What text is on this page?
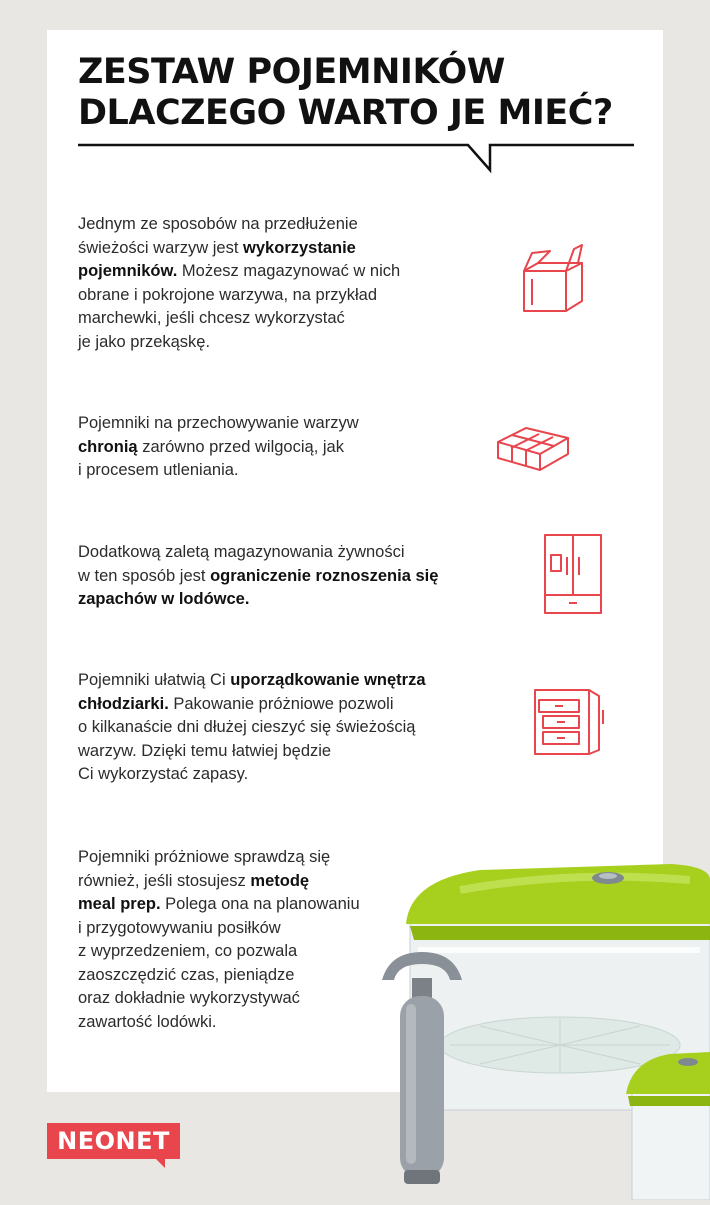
ZESTAW POJEMNIKÓW
DLACZEGO WARTO JE MIEĆ?

Jednym ze sposobów na przedłużenie

świeżości warzyw jest wykorzystanie

pojemników. Możesz magazynować w nich

obrane i pokrojone warzywa, na przykład

marchewki, jeśli chcesz wykorzystać

je jako przekąskę.

Pojemniki na przechowywanie warzyw

chronią zarówno przed wilgocią, jak

i procesem utleniania.

Dodatkową zaletą magazynowania żywności

w ten sposób jest ograniczenie roznoszenia się

zapachów w lodówce.

Pojemniki ułatwią Ci uporządkowanie wnętrza

chłodziarki. Pakowanie próżniowe pozwoli

o kilkanaście dni dłużej cieszyć się świeżością

warzyw. Dzięki temu łatwiej będzie

Ci wykorzystać zapasy.

Pojemniki próżniowe sprawdzą się

również, jeśli stosujesz metodę

meal prep. Polega ona na planowaniu

i przygotowywaniu posiłków

z wyprzedzeniem, co pozwala

zaoszczędzić czas, pieniądze

oraz dokładnie wykorzystywać

zawartość lodówki.

NEONET
